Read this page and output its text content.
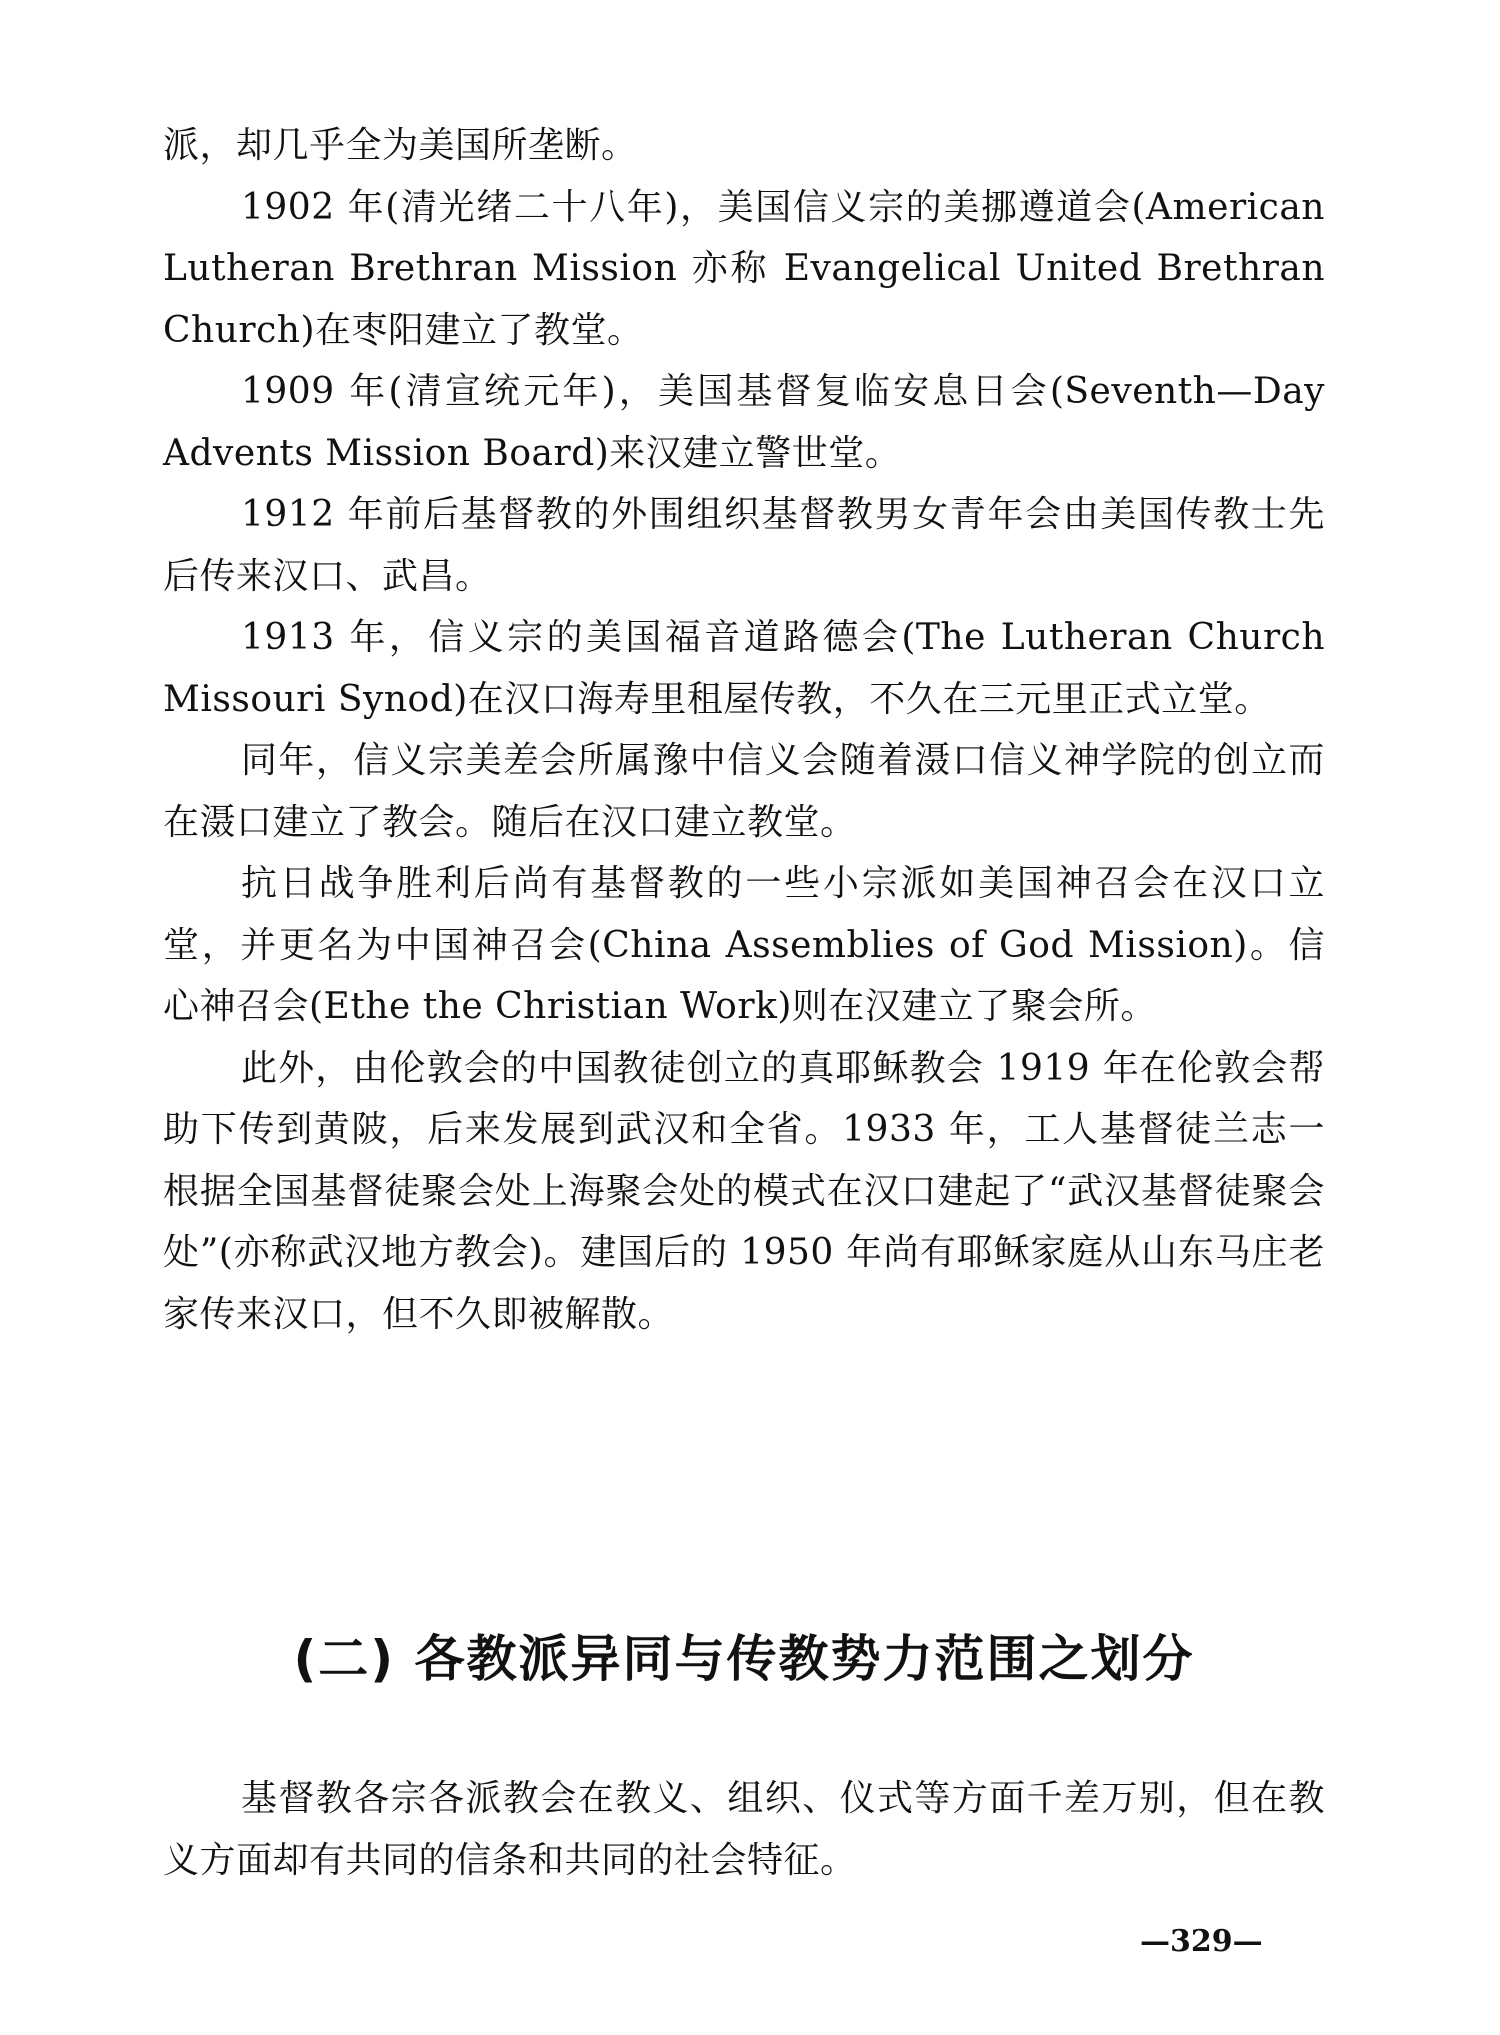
派，却几乎全为美国所垄断。

1902 年(清光绪二十八年)，美国信义宗的美挪遵道会(American Lutheran Brethran Mission 亦称 Evangelical United Brethran Church)在枣阳建立了教堂。

1909 年(清宣统元年)，美国基督复临安息日会(Seventh—Day Advents Mission Board)来汉建立警世堂。

1912 年前后基督教的外围组织基督教男女青年会由美国传教士先后传来汉口、武昌。

1913 年，信义宗的美国福音道路德会(The Lutheran Church Missouri Synod)在汉口海寿里租屋传教，不久在三元里正式立堂。

同年，信义宗美差会所属豫中信义会随着滠口信义神学院的创立而在滠口建立了教会。随后在汉口建立教堂。

抗日战争胜利后尚有基督教的一些小宗派如美国神召会在汉口立堂，并更名为中国神召会(China Assemblies of God Mission)。信心神召会(Ethe the Christian Work)则在汉建立了聚会所。

此外，由伦敦会的中国教徒创立的真耶稣教会 1919 年在伦敦会帮助下传到黄陂，后来发展到武汉和全省。1933 年，工人基督徒兰志一根据全国基督徒聚会处上海聚会处的模式在汉口建起了“武汉基督徒聚会处”(亦称武汉地方教会)。建国后的 1950 年尚有耶稣家庭从山东马庄老家传来汉口，但不久即被解散。

(二) 各教派异同与传教势力范围之划分

基督教各宗各派教会在教义、组织、仪式等方面千差万别，但在教义方面却有共同的信条和共同的社会特征。

—329—
